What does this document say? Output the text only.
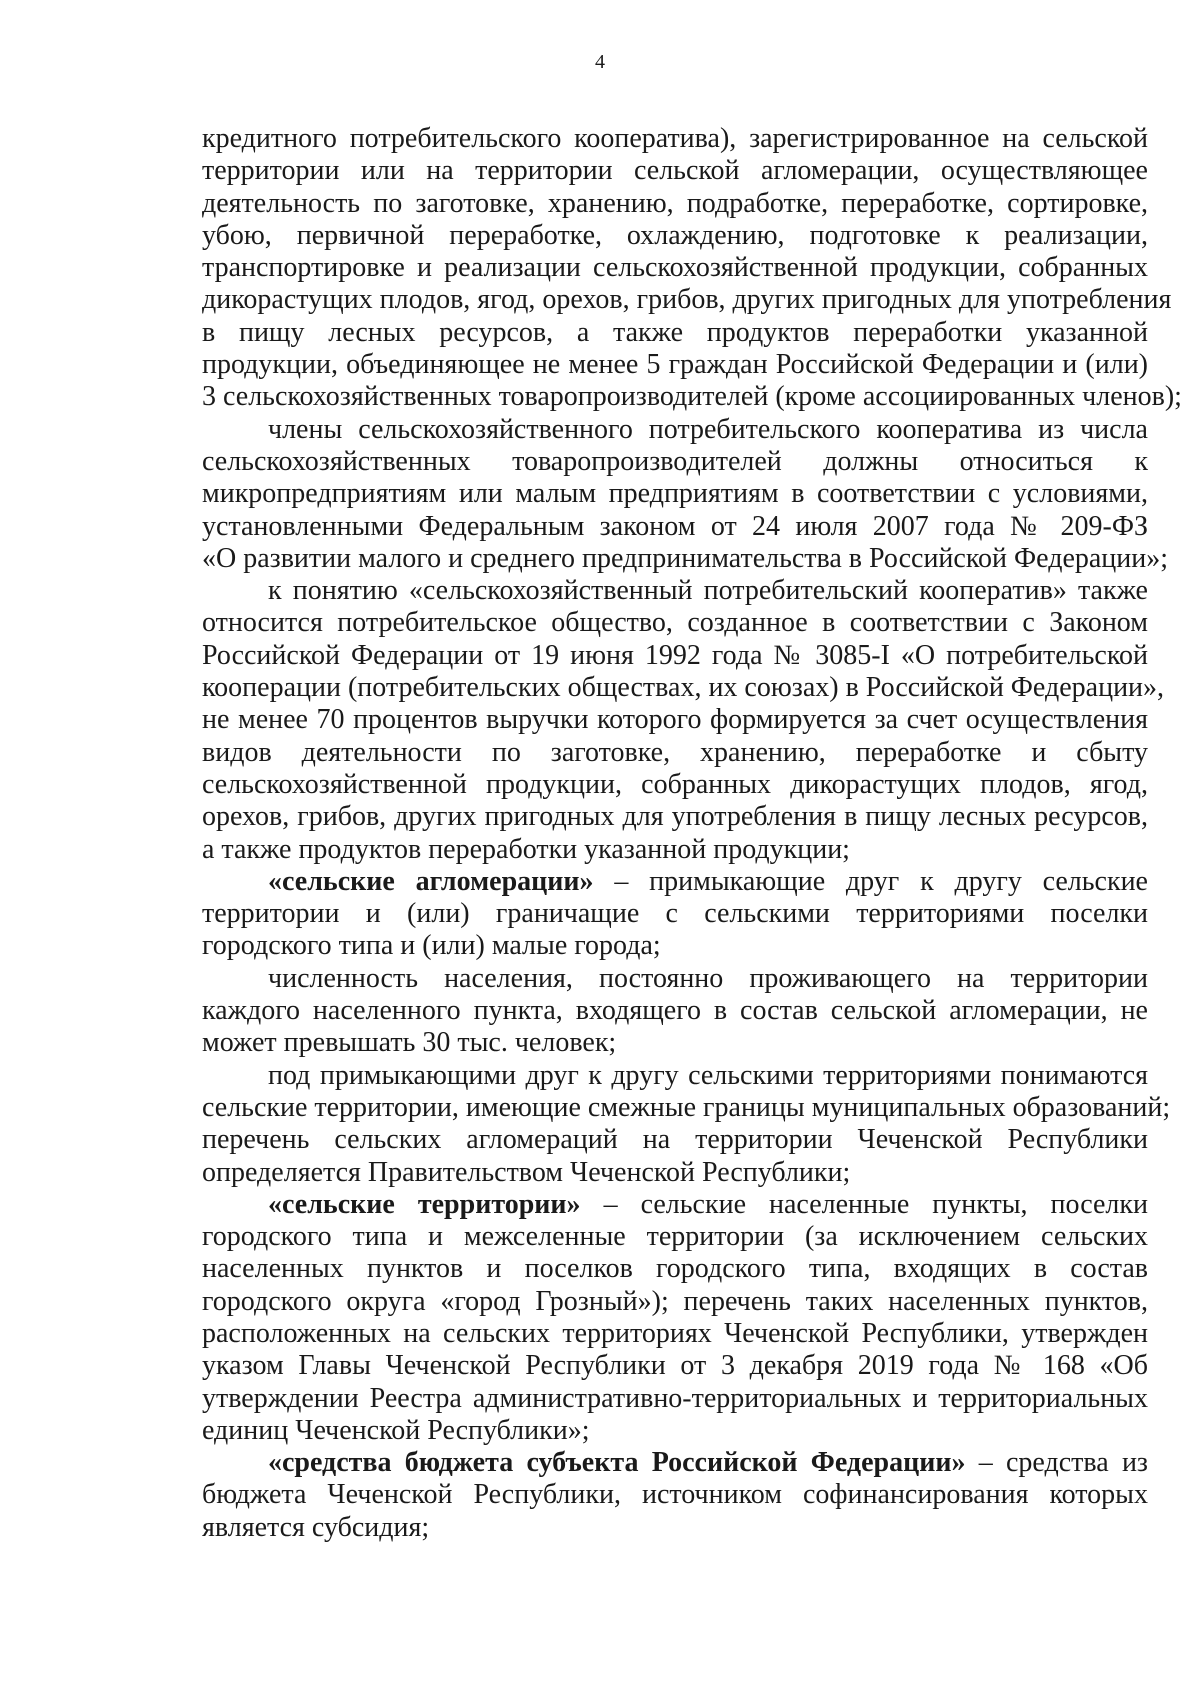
4
кредитного потребительского кооператива), зарегистрированное на сельской
территории или на территории сельской агломерации, осуществляющее
деятельность по заготовке, хранению, подработке, переработке, сортировке,
убою, первичной переработке, охлаждению, подготовке к реализации,
транспортировке и реализации сельскохозяйственной продукции, собранных
дикорастущих плодов, ягод, орехов, грибов, других пригодных для употребления
в пищу лесных ресурсов, а также продуктов переработки указанной
продукции, объединяющее не менее 5 граждан Российской Федерации и (или)
3 сельскохозяйственных товаропроизводителей (кроме ассоциированных членов);
члены сельскохозяйственного потребительского кооператива из числа
сельскохозяйственных товаропроизводителей должны относиться к
микропредприятиям или малым предприятиям в соответствии с условиями,
установленными Федеральным законом от 24 июля 2007 года № 209-ФЗ
«О развитии малого и среднего предпринимательства в Российской Федерации»;
к понятию «сельскохозяйственный потребительский кооператив» также
относится потребительское общество, созданное в соответствии с Законом
Российской Федерации от 19 июня 1992 года № 3085-I «О потребительской
кооперации (потребительских обществах, их союзах) в Российской Федерации»,
не менее 70 процентов выручки которого формируется за счет осуществления
видов деятельности по заготовке, хранению, переработке и сбыту
сельскохозяйственной продукции, собранных дикорастущих плодов, ягод,
орехов, грибов, других пригодных для употребления в пищу лесных ресурсов,
а также продуктов переработки указанной продукции;
«сельские агломерации» – примыкающие друг к другу сельские
территории и (или) граничащие с сельскими территориями поселки
городского типа и (или) малые города;
численность населения, постоянно проживающего на территории
каждого населенного пункта, входящего в состав сельской агломерации, не
может превышать 30 тыс. человек;
под примыкающими друг к другу сельскими территориями понимаются
сельские территории, имеющие смежные границы муниципальных образований;
перечень сельских агломераций на территории Чеченской Республики
определяется Правительством Чеченской Республики;
«сельские территории» – сельские населенные пункты, поселки
городского типа и межселенные территории (за исключением сельских
населенных пунктов и поселков городского типа, входящих в состав
городского округа «город Грозный»); перечень таких населенных пунктов,
расположенных на сельских территориях Чеченской Республики, утвержден
указом Главы Чеченской Республики от 3 декабря 2019 года № 168 «Об
утверждении Реестра административно-территориальных и территориальных
единиц Чеченской Республики»;
«средства бюджета субъекта Российской Федерации» – средства из
бюджета Чеченской Республики, источником софинансирования которых
является субсидия;
